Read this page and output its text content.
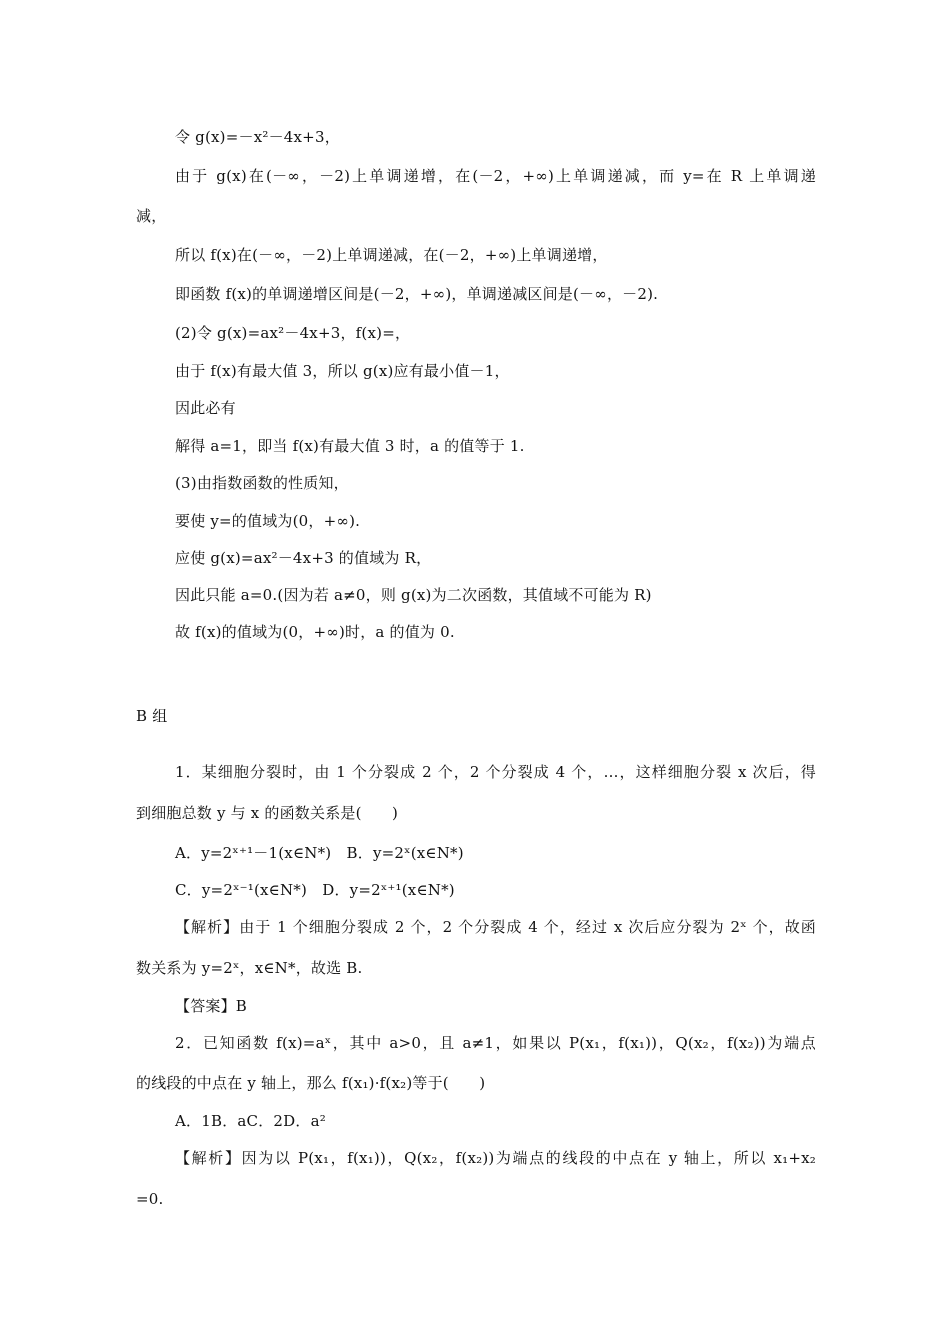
令 g(x)=－x²－4x+3，
由于 g(x)在(－∞，－2)上单调递增，在(－2，+∞)上单调递减，而 y=在 R 上单调递
减，
所以 f(x)在(－∞，－2)上单调递减，在(－2，+∞)上单调递增，
即函数 f(x)的单调递增区间是(－2，+∞)，单调递减区间是(－∞，－2).
(2)令 g(x)=ax²－4x+3，f(x)=，
由于 f(x)有最大值 3，所以 g(x)应有最小值－1，
因此必有
解得 a=1，即当 f(x)有最大值 3 时，a 的值等于 1.
(3)由指数函数的性质知，
要使 y=的值域为(0，+∞).
应使 g(x)=ax²－4x+3 的值域为 R，
因此只能 a=0.(因为若 a≠0，则 g(x)为二次函数，其值域不可能为 R)
故 f(x)的值域为(0，+∞)时，a 的值为 0.
B 组
1．某细胞分裂时，由 1 个分裂成 2 个，2 个分裂成 4 个，…，这样细胞分裂 x 次后，得
到细胞总数 y 与 x 的函数关系是(　　)
A．y=2ˣ⁺¹－1(x∈N*)　B．y=2ˣ(x∈N*)
C．y=2ˣ⁻¹(x∈N*)　D．y=2ˣ⁺¹(x∈N*)
【解析】由于 1 个细胞分裂成 2 个，2 个分裂成 4 个，经过 x 次后应分裂为 2ˣ 个，故函
数关系为 y=2ˣ，x∈N*，故选 B.
【答案】B
2．已知函数 f(x)=aˣ，其中 a>0，且 a≠1，如果以 P(x₁，f(x₁))，Q(x₂，f(x₂))为端点
的线段的中点在 y 轴上，那么 f(x₁)·f(x₂)等于(　　)
A．1B．aC．2D．a²
【解析】因为以 P(x₁，f(x₁))，Q(x₂，f(x₂))为端点的线段的中点在 y 轴上，所以 x₁+x₂
=0.
